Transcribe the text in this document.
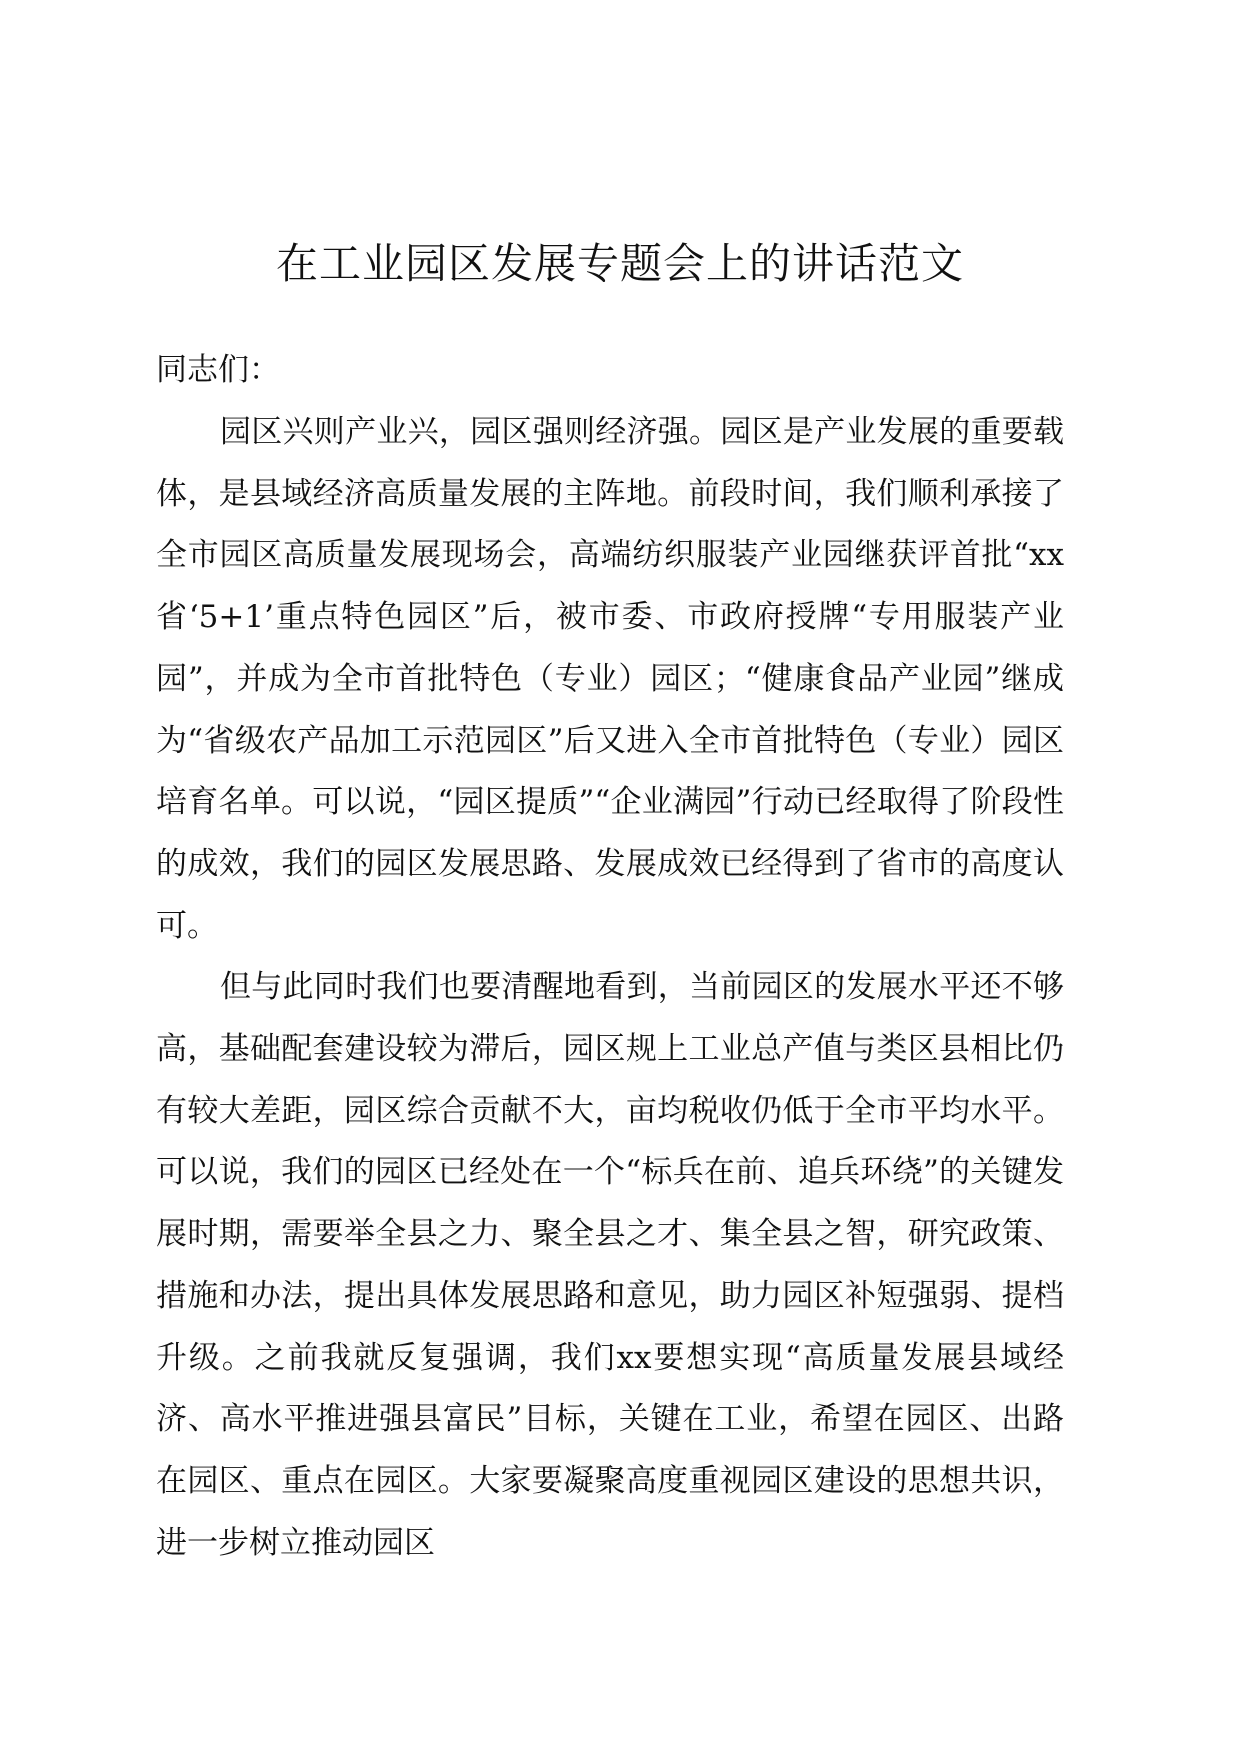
在工业园区发展专题会上的讲话范文

同志们：

园区兴则产业兴，园区强则经济强。园区是产业发展的重要载体，是县域经济高质量发展的主阵地。前段时间，我们顺利承接了全市园区高质量发展现场会，高端纺织服装产业园继获评首批“xx省‘5+1’重点特色园区”后，被市委、市政府授牌“专用服装产业园”，并成为全市首批特色（专业）园区；“健康食品产业园”继成为“省级农产品加工示范园区”后又进入全市首批特色（专业）园区培育名单。可以说，“园区提质”“企业满园”行动已经取得了阶段性的成效，我们的园区发展思路、发展成效已经得到了省市的高度认可。

但与此同时我们也要清醒地看到，当前园区的发展水平还不够高，基础配套建设较为滞后，园区规上工业总产值与类区县相比仍有较大差距，园区综合贡献不大，亩均税收仍低于全市平均水平。可以说，我们的园区已经处在一个“标兵在前、追兵环绕”的关键发展时期，需要举全县之力、聚全县之才、集全县之智，研究政策、措施和办法，提出具体发展思路和意见，助力园区补短强弱、提档升级。之前我就反复强调，我们xx要想实现“高质量发展县域经济、高水平推进强县富民”目标，关键在工业，希望在园区、出路在园区、重点在园区。大家要凝聚高度重视园区建设的思想共识，进一步树立推动园区
